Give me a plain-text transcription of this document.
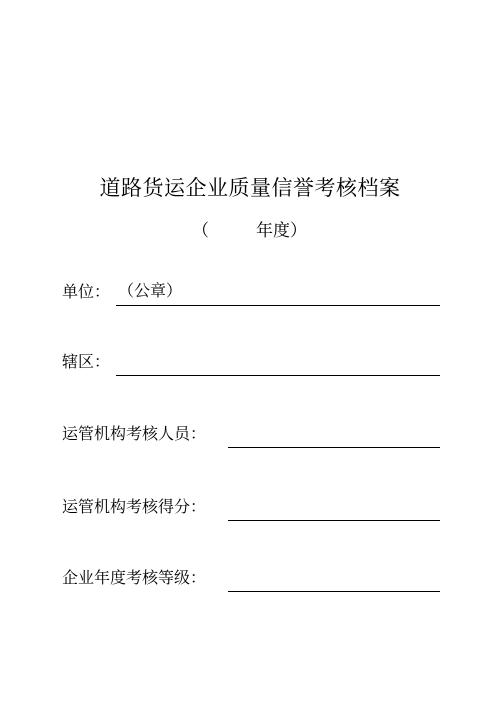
道路货运企业质量信誉考核档案
（	年度）
单位： （公章）
辖区：
运管机构考核人员：
运管机构考核得分：
企业年度考核等级：
